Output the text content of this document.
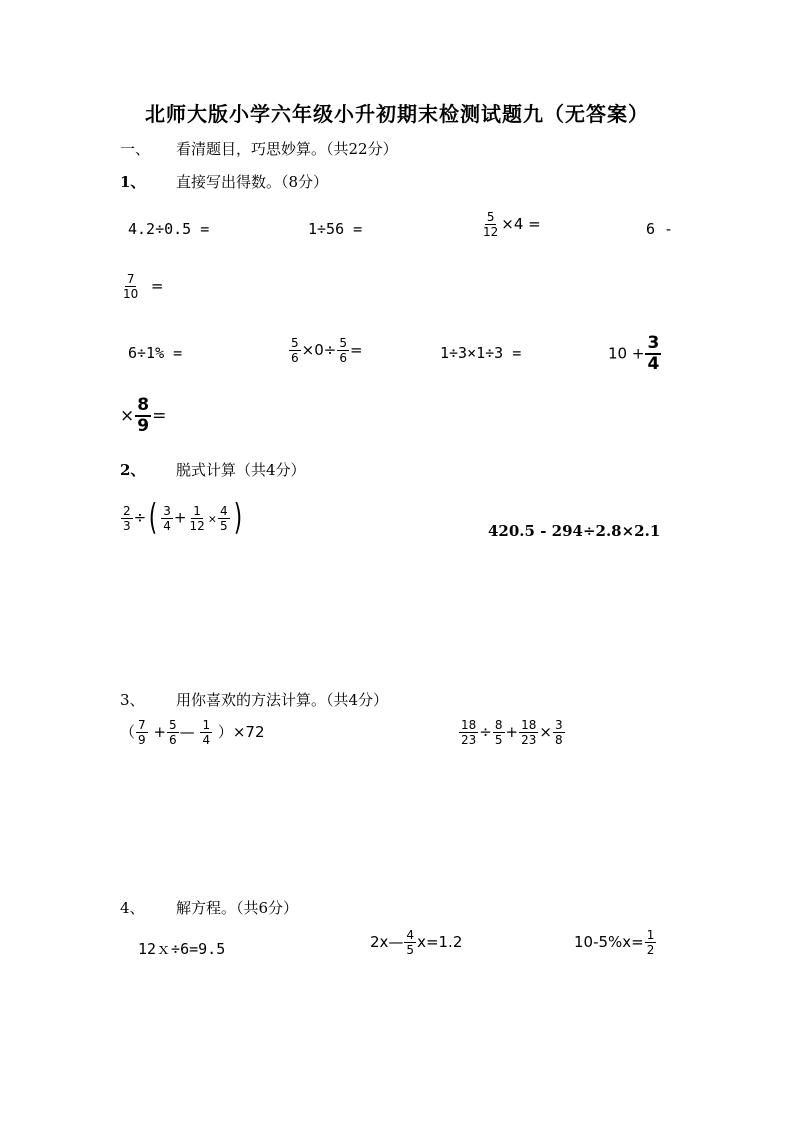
北师大版小学六年级小升初期末检测试题九（无答案）
一、 看清题目，巧思妙算。（共22分）
1、 直接写出得数。（8分）
4.2÷0.5 =	1÷56 =	$\frac{5}{12} \times 4$ =	6 -
$\frac{7}{10}$ =
6÷1% =	$\frac{5}{6} \times 0\div \frac{5}{6}$ =	1÷3×1÷3 =	$10 + \frac{3}{4}$
× $\frac{8}{9}$ =
2、 脱式计算（共4分）
$\frac{2}{3}$ ÷( $\frac{3}{4} + \frac{1}{12} \times \frac{4}{5}$ )	420.5 - 294÷2.8×2.1
3、 用你喜欢的方法计算。（共4分）
（ $\frac{7}{9} + \frac{5}{6}$ — $\frac{1}{4} )\times 72$	$\frac{18}{23} \div \frac{8}{5} + \frac{18}{23} \times \frac{3}{8}$
4、 解方程。（共6分）
12ｘ÷6=9.5	2x— $\frac{4}{5} x=1.2$	$10-5\%x= \frac{1}{2}$
